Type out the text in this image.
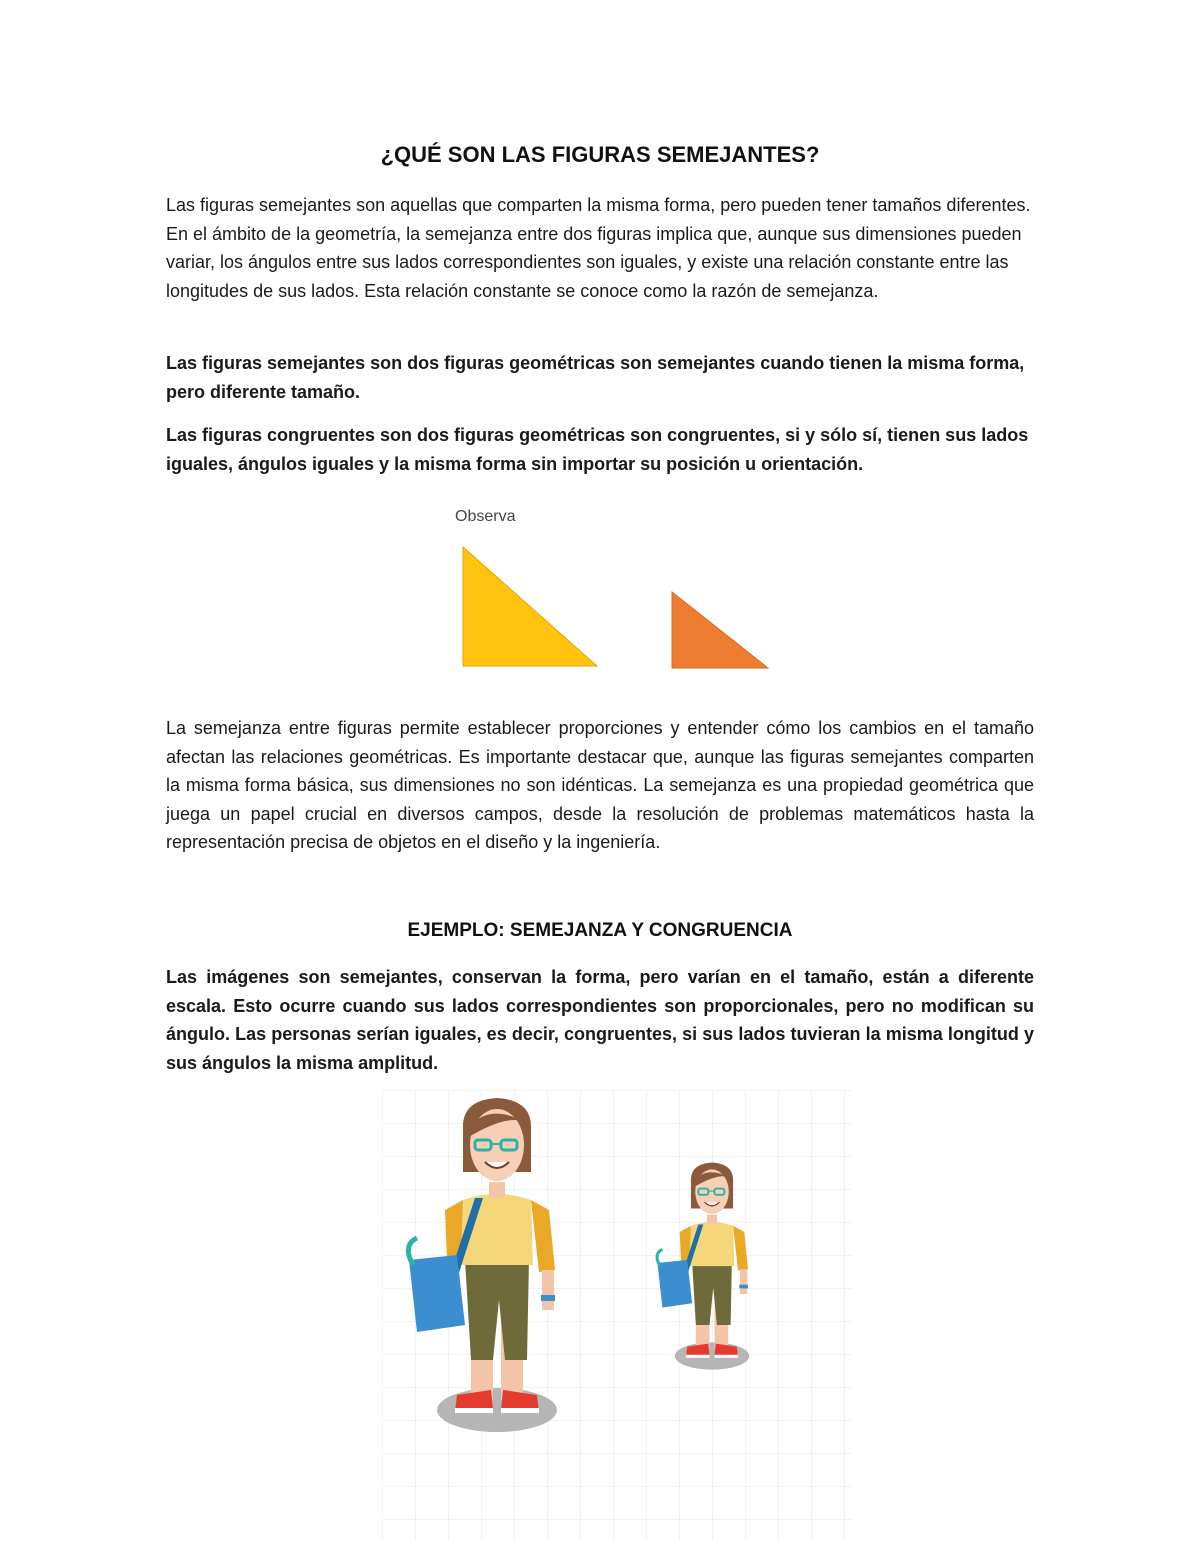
¿QUÉ SON LAS FIGURAS SEMEJANTES?

Las figuras semejantes son aquellas que comparten la misma forma, pero pueden tener tamaños diferentes. En el ámbito de la geometría, la semejanza entre dos figuras implica que, aunque sus dimensiones pueden variar, los ángulos entre sus lados correspondientes son iguales, y existe una relación constante entre las longitudes de sus lados. Esta relación constante se conoce como la razón de semejanza.

Las figuras semejantes son dos figuras geométricas son semejantes cuando tienen la misma forma, pero diferente tamaño.

Las figuras congruentes son dos figuras geométricas son congruentes, si y sólo sí, tienen sus lados iguales, ángulos iguales y la misma forma sin importar su posición u orientación.

Observa

La semejanza entre figuras permite establecer proporciones y entender cómo los cambios en el tamaño afectan las relaciones geométricas. Es importante destacar que, aunque las figuras semejantes comparten la misma forma básica, sus dimensiones no son idénticas. La semejanza es una propiedad geométrica que juega un papel crucial en diversos campos, desde la resolución de problemas matemáticos hasta la representación precisa de objetos en el diseño y la ingeniería.

EJEMPLO: SEMEJANZA Y CONGRUENCIA

Las imágenes son semejantes, conservan la forma, pero varían en el tamaño, están a diferente escala. Esto ocurre cuando sus lados correspondientes son proporcionales, pero no modifican su ángulo. Las personas serían iguales, es decir, congruentes, si sus lados tuvieran la misma longitud y sus ángulos la misma amplitud.
